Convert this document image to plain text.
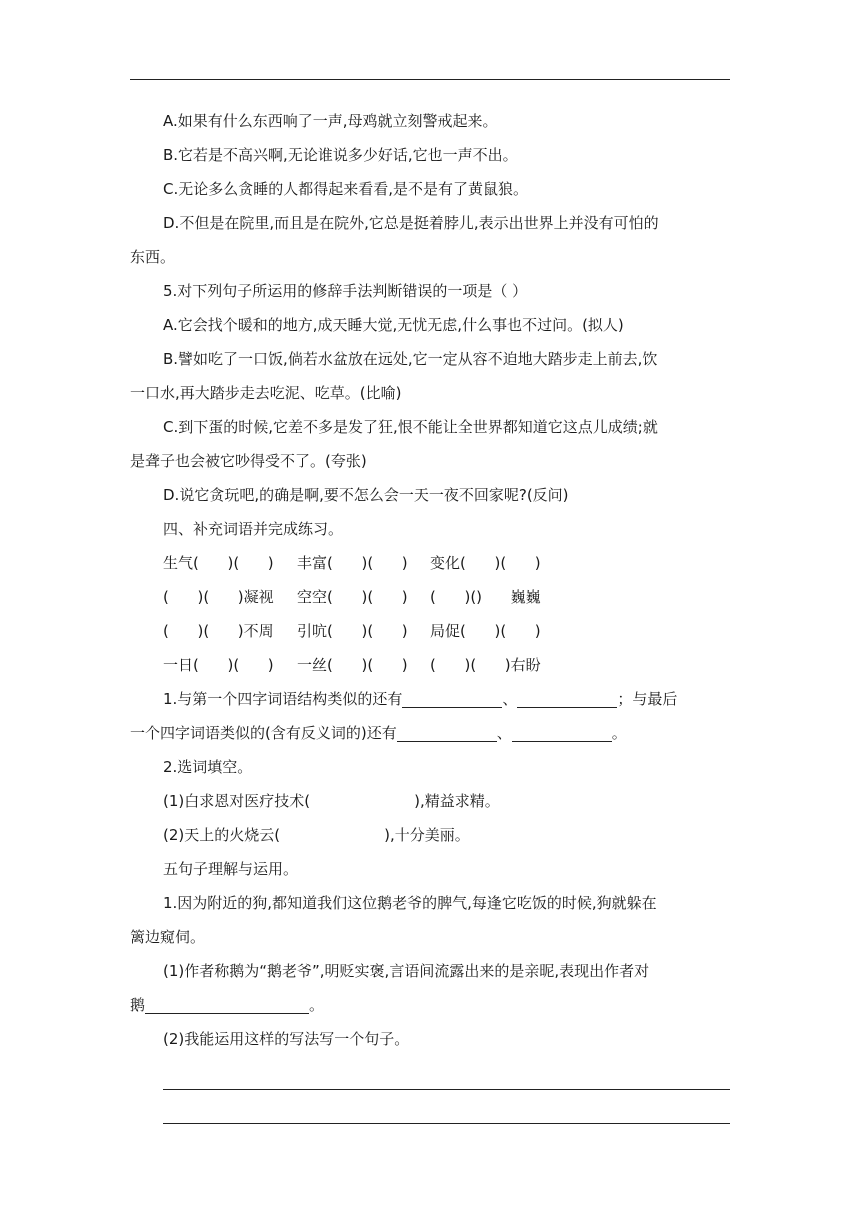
A.如果有什么东西响了一声,母鸡就立刻警戒起来。
B.它若是不高兴啊,无论谁说多少好话,它也一声不出。
C.无论多么贪睡的人都得起来看看,是不是有了黄鼠狼。
D.不但是在院里,而且是在院外,它总是挺着脖儿,表示出世界上并没有可怕的
东西。
5.对下列句子所运用的修辞手法判断错误的一项是（ ）
A.它会找个暖和的地方,成天睡大觉,无忧无虑,什么事也不过问。(拟人)
B.譬如吃了一口饭,倘若水盆放在远处,它一定从容不迫地大踏步走上前去,饮
一口水,再大踏步走去吃泥、吃草。(比喻)
C.到下蛋的时候,它差不多是发了狂,恨不能让全世界都知道它这点儿成绩;就
是聋子也会被它吵得受不了。(夸张)
D.说它贪玩吧,的确是啊,要不怎么会一天一夜不回家呢?(反问)
四、补充词语并完成练习。
生气(      )(      ) 丰富(      )(      ) 变化(      )(      )
(      )(      )凝视 空空(      )(      ) (      )()      巍巍
(      )(      )不周 引吭(      )(      ) 局促(      )(      )
一日(      )(      ) 一丝(      )(      ) (      )(      )右盼
1.与第一个四字词语结构类似的还有	、	；与最后
一个四字词语类似的(含有反义词的)还有	、	。
2.选词填空。
(1)白求恩对医疗技术(	),精益求精。
(2)天上的火烧云(	),十分美丽。
五句子理解与运用。
1.因为附近的狗,都知道我们这位鹅老爷的脾气,每逢它吃饭的时候,狗就躲在
篱边窥伺。
(1)作者称鹅为“鹅老爷”,明贬实褒,言语间流露出来的是亲昵,表现出作者对
鹅	。
(2)我能运用这样的写法写一个句子。
